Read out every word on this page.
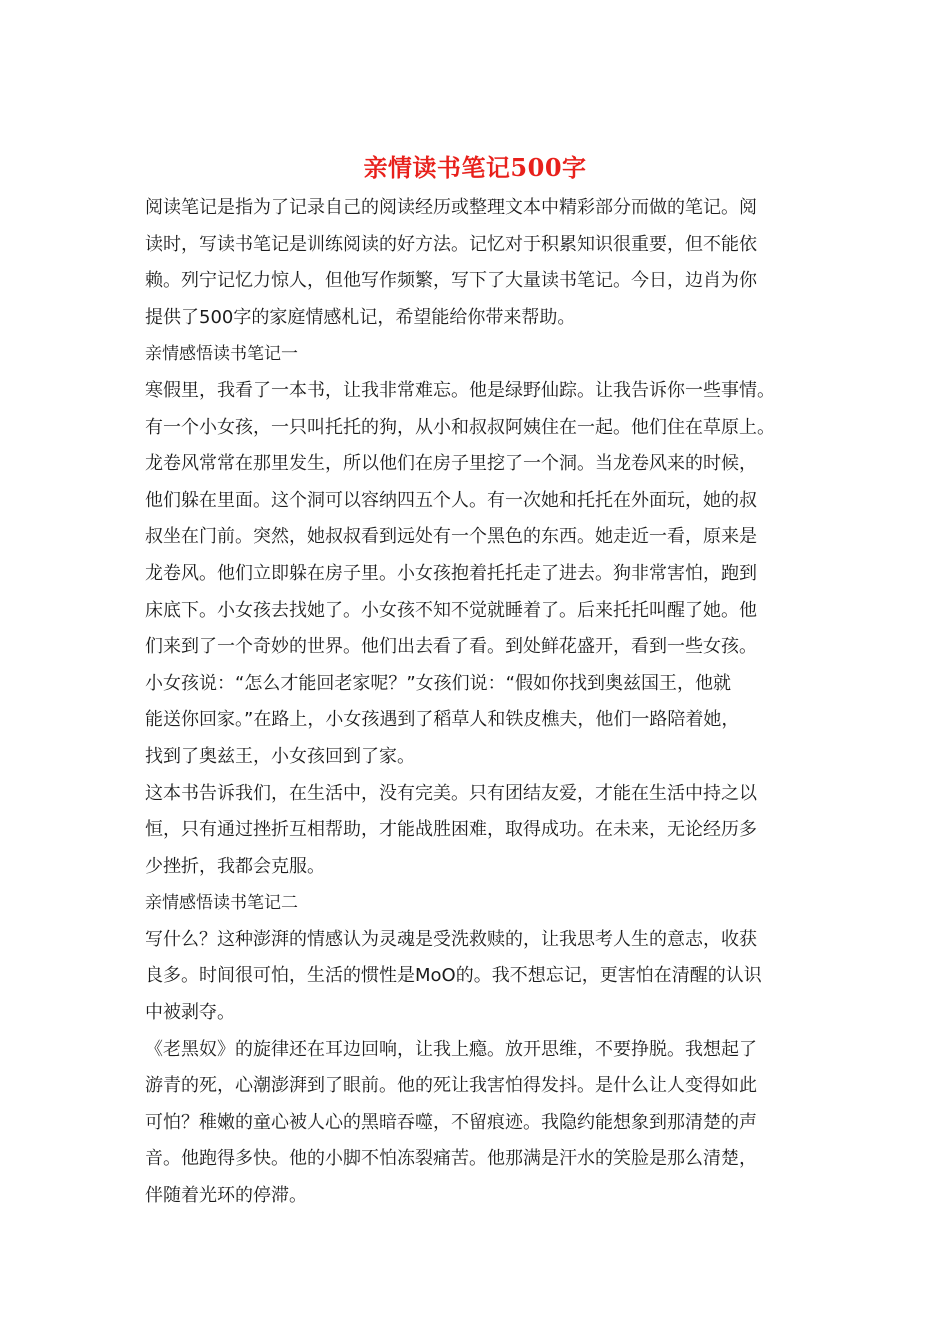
亲情读书笔记500字
阅读笔记是指为了记录自己的阅读经历或整理文本中精彩部分而做的笔记。阅
读时，写读书笔记是训练阅读的好方法。记忆对于积累知识很重要，但不能依
赖。列宁记忆力惊人，但他写作频繁，写下了大量读书笔记。今日，边肖为你
提供了500字的家庭情感札记，希望能给你带来帮助。
亲情感悟读书笔记一
寒假里，我看了一本书，让我非常难忘。他是绿野仙踪。让我告诉你一些事情。
有一个小女孩，一只叫托托的狗，从小和叔叔阿姨住在一起。他们住在草原上。
龙卷风常常在那里发生，所以他们在房子里挖了一个洞。当龙卷风来的时候，
他们躲在里面。这个洞可以容纳四五个人。有一次她和托托在外面玩，她的叔
叔坐在门前。突然，她叔叔看到远处有一个黑色的东西。她走近一看，原来是
龙卷风。他们立即躲在房子里。小女孩抱着托托走了进去。狗非常害怕，跑到
床底下。小女孩去找她了。小女孩不知不觉就睡着了。后来托托叫醒了她。他
们来到了一个奇妙的世界。他们出去看了看。到处鲜花盛开，看到一些女孩。
小女孩说：“怎么才能回老家呢？”女孩们说：“假如你找到奥兹国王，他就
能送你回家。”在路上，小女孩遇到了稻草人和铁皮樵夫，他们一路陪着她，
找到了奥兹王，小女孩回到了家。
这本书告诉我们，在生活中，没有完美。只有团结友爱，才能在生活中持之以
恒，只有通过挫折互相帮助，才能战胜困难，取得成功。在未来，无论经历多
少挫折，我都会克服。
亲情感悟读书笔记二
写什么？这种澎湃的情感认为灵魂是受洗救赎的，让我思考人生的意志，收获
良多。时间很可怕，生活的惯性是MoO的。我不想忘记，更害怕在清醒的认识
中被剥夺。
《老黑奴》的旋律还在耳边回响，让我上瘾。放开思维，不要挣脱。我想起了
游青的死，心潮澎湃到了眼前。他的死让我害怕得发抖。是什么让人变得如此
可怕？稚嫩的童心被人心的黑暗吞噬，不留痕迹。我隐约能想象到那清楚的声
音。他跑得多快。他的小脚不怕冻裂痛苦。他那满是汗水的笑脸是那么清楚，
伴随着光环的停滞。
